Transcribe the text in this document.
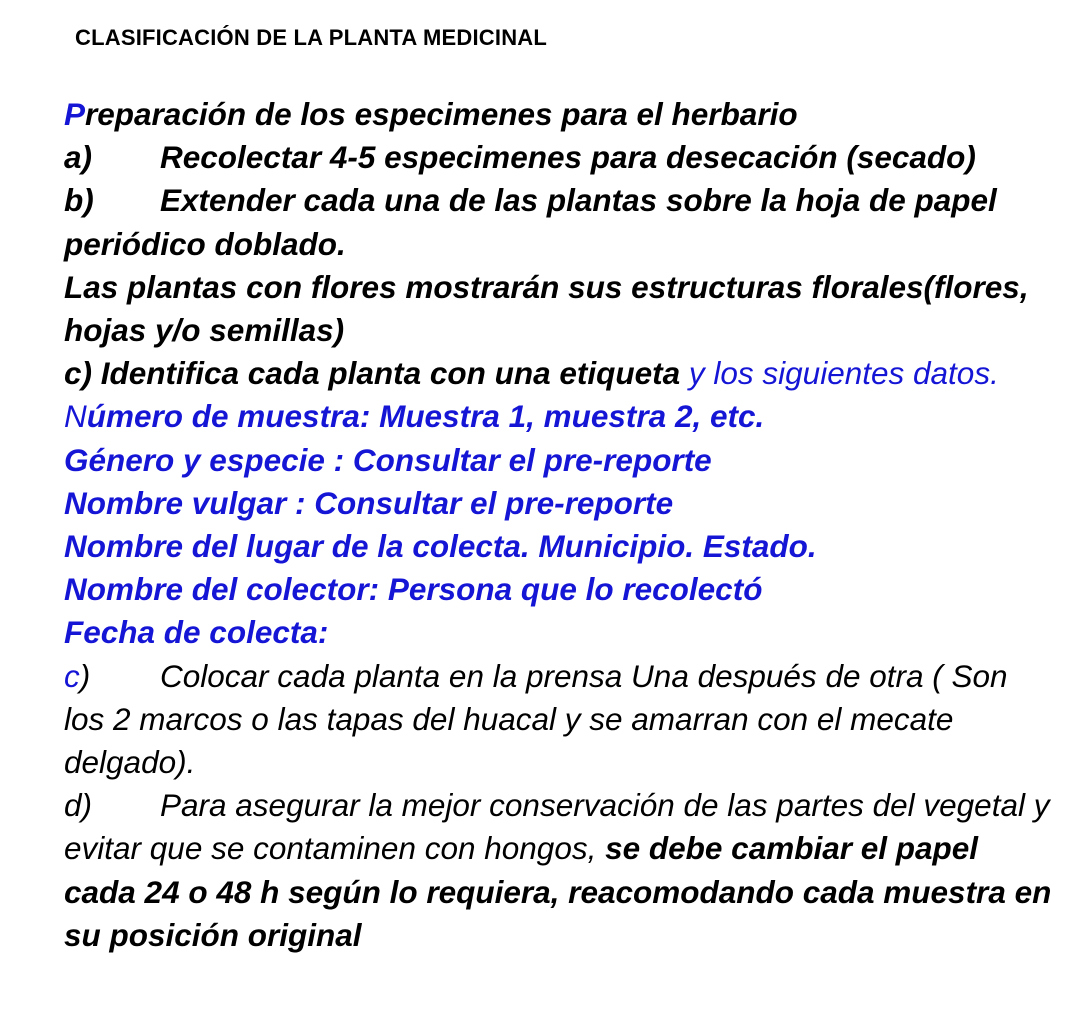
CLASIFICACIÓN DE LA PLANTA MEDICINAL

Preparación de los especimenes para el herbario

a) Recolectar 4-5 especimenes para desecación (secado)

b) Extender cada una de las plantas sobre la hoja de papel periódico doblado.

Las plantas con flores mostrarán sus estructuras florales(flores, hojas y/o semillas)

c) Identifica cada planta con una etiqueta y los siguientes datos.

Número de muestra: Muestra 1, muestra 2, etc.

Género y especie : Consultar el pre-reporte

Nombre vulgar : Consultar el pre-reporte

Nombre del lugar de la colecta. Municipio. Estado.

Nombre del colector: Persona que lo recolectó

Fecha de colecta:

c) Colocar cada planta en la prensa Una después de otra ( Son los 2 marcos o las tapas del huacal y se amarran con el mecate delgado).

d) Para asegurar la mejor conservación de las partes del vegetal y evitar que se contaminen con hongos, se debe cambiar el papel cada 24 o 48 h según lo requiera, reacomodando cada muestra en su posición original
